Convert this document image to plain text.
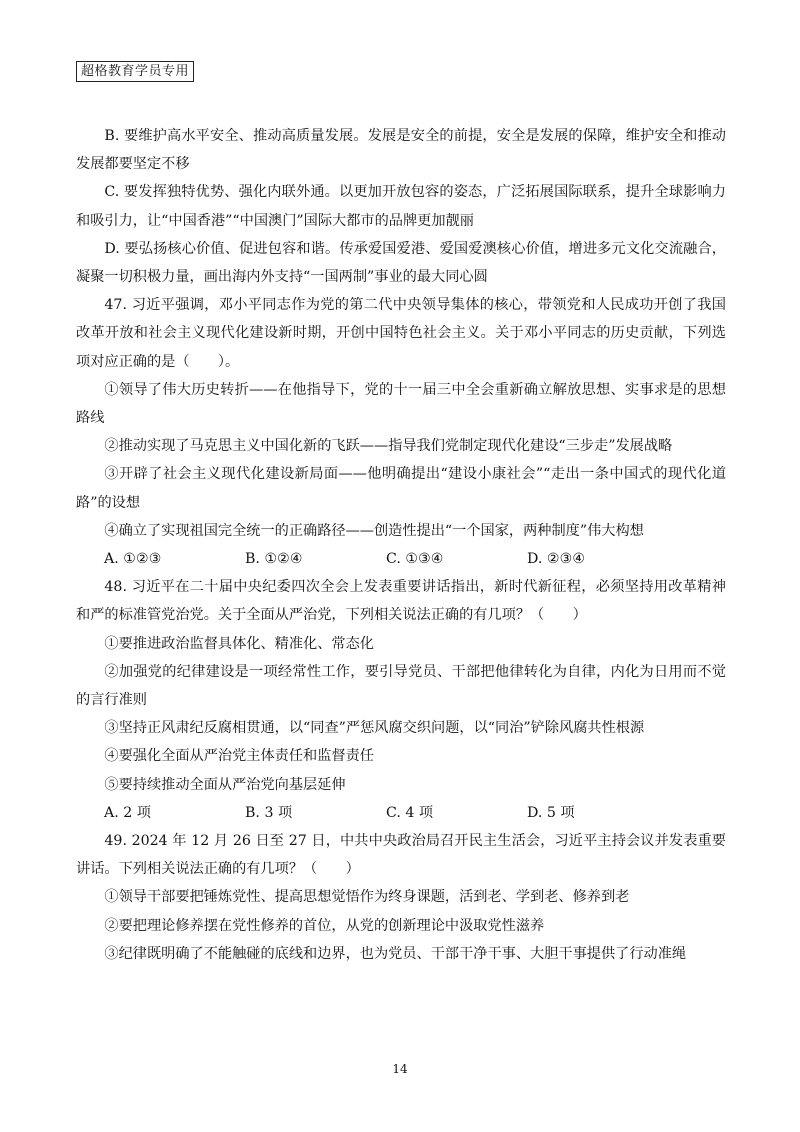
超格教育学员专用

B. 要维护高水平安全、推动高质量发展。发展是安全的前提，安全是发展的保障，维护安全和推动发展都要坚定不移

C. 要发挥独特优势、强化内联外通。以更加开放包容的姿态，广泛拓展国际联系，提升全球影响力和吸引力，让“中国香港”“中国澳门”国际大都市的品牌更加靓丽

D. 要弘扬核心价值、促进包容和谐。传承爱国爱港、爱国爱澳核心价值，增进多元文化交流融合，凝聚一切积极力量，画出海内外支持“一国两制”事业的最大同心圆

47. 习近平强调，邓小平同志作为党的第二代中央领导集体的核心，带领党和人民成功开创了我国改革开放和社会主义现代化建设新时期，开创中国特色社会主义。关于邓小平同志的历史贡献，下列选项对应正确的是（　　）。

①领导了伟大历史转折——在他指导下，党的十一届三中全会重新确立解放思想、实事求是的思想路线

②推动实现了马克思主义中国化新的飞跃——指导我们党制定现代化建设“三步走”发展战略

③开辟了社会主义现代化建设新局面——他明确提出“建设小康社会”“走出一条中国式的现代化道路”的设想

④确立了实现祖国完全统一的正确路径——创造性提出“一个国家，两种制度”伟大构想

A. ①②③	B. ①②④	C. ①③④	D. ②③④

48. 习近平在二十届中央纪委四次全会上发表重要讲话指出，新时代新征程，必须坚持用改革精神和严的标准管党治党。关于全面从严治党，下列相关说法正确的有几项？（　　）

①要推进政治监督具体化、精准化、常态化

②加强党的纪律建设是一项经常性工作，要引导党员、干部把他律转化为自律，内化为日用而不觉的言行准则

③坚持正风肃纪反腐相贯通，以“同查”严惩风腐交织问题，以“同治”铲除风腐共性根源

④要强化全面从严治党主体责任和监督责任

⑤要持续推动全面从严治党向基层延伸

A. 2 项	B. 3 项	C. 4 项	D. 5 项

49. 2024 年 12 月 26 日至 27 日，中共中央政治局召开民主生活会，习近平主持会议并发表重要讲话。下列相关说法正确的有几项？（　　）

①领导干部要把锤炼党性、提高思想觉悟作为终身课题，活到老、学到老、修养到老

②要把理论修养摆在党性修养的首位，从党的创新理论中汲取党性滋养

③纪律既明确了不能触碰的底线和边界，也为党员、干部干净干事、大胆干事提供了行动准绳

14
